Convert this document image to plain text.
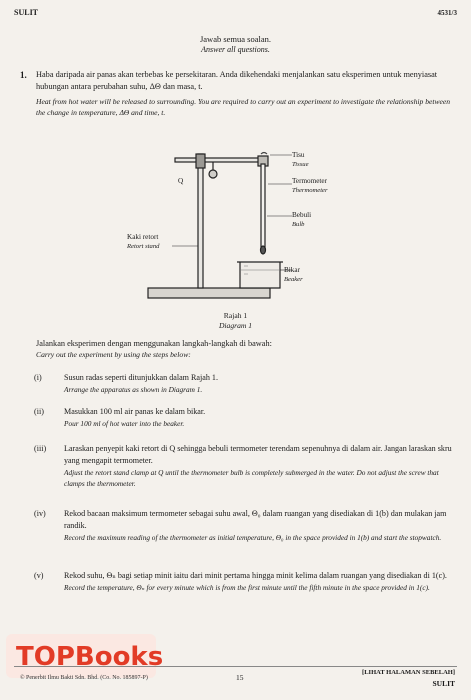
SULIT	4531/3
Jawab semua soalan.
Answer all questions.
1. Haba daripada air panas akan terbebas ke persekitaran. Anda dikehendaki menjalankan satu eksperimen untuk menyiasat hubungan antara perubahan suhu, ΔΘ dan masa, t.
Heat from hot water will be released to surrounding. You are required to carry out an experiment to investigate the relationship between the change in temperature, ΔΘ and time, t.
Tisu
Tissue
Q	Termometer
Thermometer
Bebuli
Bulb
Kaki retort
Retort stand
Bikar
Beaker
Rajah 1
Diagram 1
Jalankan eksperimen dengan menggunakan langkah-langkah di bawah:
Carry out the experiment by using the steps below:
(i)	Susun radas seperti ditunjukkan dalam Rajah 1.
Arrange the apparatus as shown in Diagram 1.
(ii) Masukkan 100 ml air panas ke dalam bikar.
Pour 100 ml of hot water into the beaker.
(iii) Laraskan penyepit kaki retort di Q sehingga bebuli termometer terendam sepenuhnya di dalam air. Jangan laraskan skru yang mengapit termometer.
Adjust the retort stand clamp at Q until the thermometer bulb is completely submerged in the water. Do not adjust the screw that clamps the thermometer.
(iv) Rekod bacaan maksimum termometer sebagai suhu awal, Θ₀ dalam ruangan yang disediakan di 1(b) dan mulakan jam randik.
Record the maximum reading of the thermometer as initial temperature, Θ₀ in the space provided in 1(b) and start the stopwatch.
(v)	Rekod suhu, Θₙ bagi setiap minit iaitu dari minit pertama hingga minit kelima dalam ruangan yang disediakan di 1(c).
Record the temperature, Θₙ for every minute which is from the first minute until the fifth minute in the space provided in 1(c).
TOPBooks
© Penerbit Ilmu Bakti Sdn. Bhd. (Co. No. 185897-P)	15
[LIHAT HALAMAN SEBELAH]
SULIT
